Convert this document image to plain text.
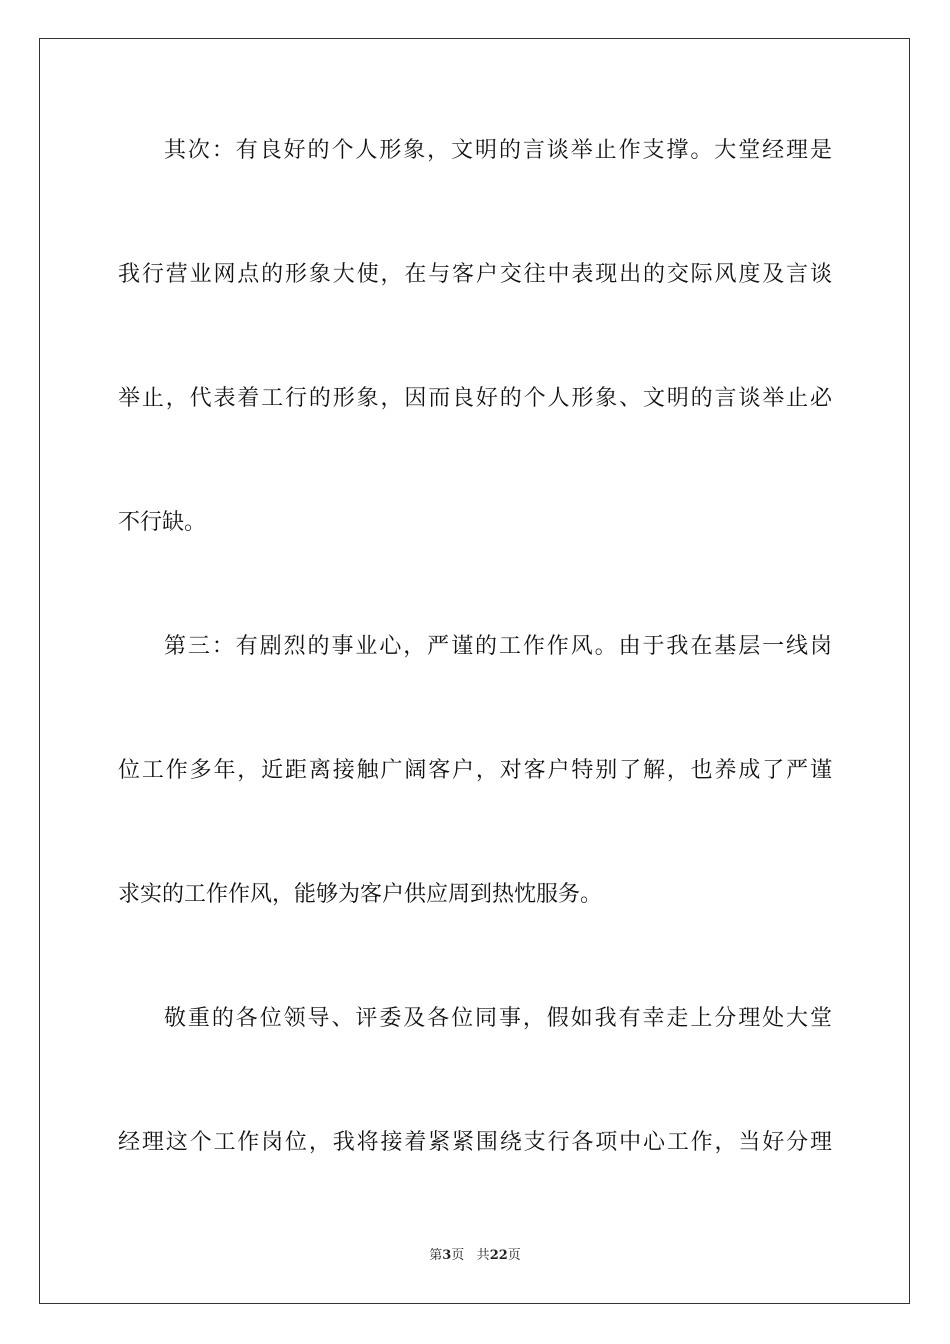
其次：有良好的个人形象，文明的言谈举止作支撑。大堂经理是
我行营业网点的形象大使，在与客户交往中表现出的交际风度及言谈
举止，代表着工行的形象，因而良好的个人形象、文明的言谈举止必
不行缺。
第三：有剧烈的事业心，严谨的工作作风。由于我在基层一线岗
位工作多年，近距离接触广阔客户，对客户特别了解，也养成了严谨
求实的工作作风，能够为客户供应周到热忱服务。
敬重的各位领导、评委及各位同事，假如我有幸走上分理处大堂
经理这个工作岗位，我将接着紧紧围绕支行各项中心工作，当好分理
第3页 共22页
